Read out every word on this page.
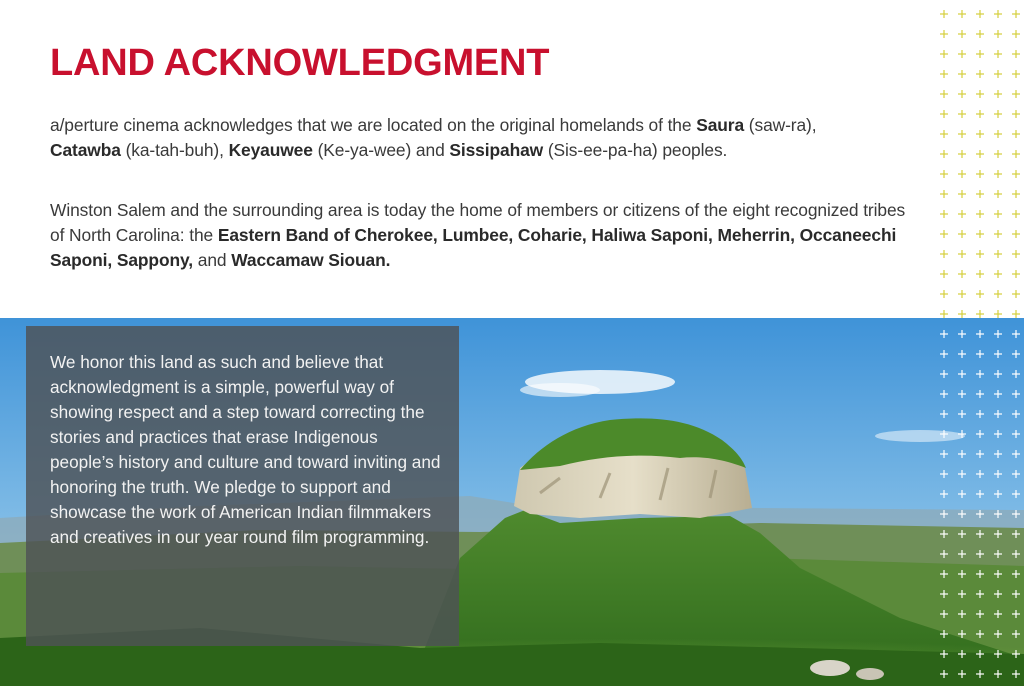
LAND ACKNOWLEDGMENT

a/perture cinema acknowledges that we are located on the original homelands of the Saura (saw-ra),
Catawba (ka-tah-buh), Keyauwee (Ke-ya-wee) and Sissipahaw (Sis-ee-pa-ha) peoples.

Winston Salem and the surrounding area is today the home of members or citizens of the eight recognized tribes of North Carolina: the Eastern Band of Cherokee, Lumbee, Coharie, Haliwa Saponi, Meherrin, Occaneechi Saponi, Sappony, and Waccamaw Siouan.

We honor this land as such and believe that acknowledgment is a simple, powerful way of showing respect and a step toward correcting the stories and practices that erase Indigenous people’s history and culture and toward inviting and honoring the truth. We pledge to support and showcase the work of American Indian filmmakers and creatives in our year round film programming.
